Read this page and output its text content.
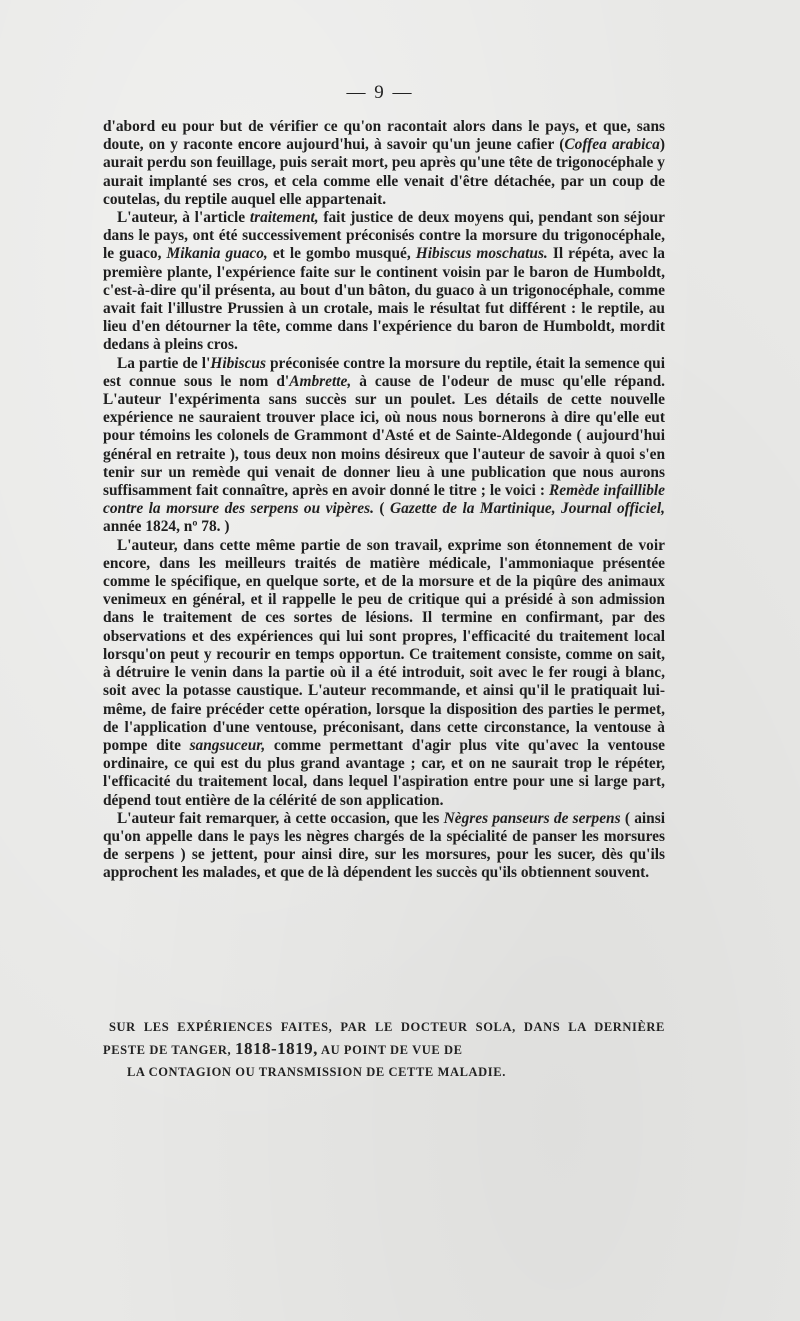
— 9 —

d'abord eu pour but de vérifier ce qu'on racontait alors dans le pays, et que, sans doute, on y raconte encore aujourd'hui, à savoir qu'un jeune cafier (Coffea arabica) aurait perdu son feuillage, puis serait mort, peu après qu'une tête de trigonocéphale y aurait implanté ses cros, et cela comme elle venait d'être détachée, par un coup de coutelas, du reptile auquel elle appartenait.

L'auteur, à l'article traitement, fait justice de deux moyens qui, pendant son séjour dans le pays, ont été successivement préconisés contre la morsure du trigonocéphale, le guaco, Mikania guaco, et le gombo musqué, Hibiscus moschatus. Il répéta, avec la première plante, l'expérience faite sur le continent voisin par le baron de Humboldt, c'est-à-dire qu'il présenta, au bout d'un bâton, du guaco à un trigonocéphale, comme avait fait l'illustre Prussien à un crotale, mais le résultat fut différent : le reptile, au lieu d'en détourner la tête, comme dans l'expérience du baron de Humboldt, mordit dedans à pleins cros.

La partie de l'Hibiscus préconisée contre la morsure du reptile, était la semence qui est connue sous le nom d'Ambrette, à cause de l'odeur de musc qu'elle répand. L'auteur l'expérimenta sans succès sur un poulet. Les détails de cette nouvelle expérience ne sauraient trouver place ici, où nous nous bornerons à dire qu'elle eut pour témoins les colonels de Grammont d'Asté et de Sainte-Aldegonde ( aujourd'hui général en retraite ), tous deux non moins désireux que l'auteur de savoir à quoi s'en tenir sur un remède qui venait de donner lieu à une publication que nous aurons suffisamment fait connaître, après en avoir donné le titre ; le voici : Remède infaillible contre la morsure des serpens ou vipères. ( Gazette de la Martinique, Journal officiel, année 1824, nº 78. )

L'auteur, dans cette même partie de son travail, exprime son étonnement de voir encore, dans les meilleurs traités de matière médicale, l'ammoniaque présentée comme le spécifique, en quelque sorte, et de la morsure et de la piqûre des animaux venimeux en général, et il rappelle le peu de critique qui a présidé à son admission dans le traitement de ces sortes de lésions. Il termine en confirmant, par des observations et des expériences qui lui sont propres, l'efficacité du traitement local lorsqu'on peut y recourir en temps opportun. Ce traitement consiste, comme on sait, à détruire le venin dans la partie où il a été introduit, soit avec le fer rougi à blanc, soit avec la potasse caustique. L'auteur recommande, et ainsi qu'il le pratiquait lui-même, de faire précéder cette opération, lorsque la disposition des parties le permet, de l'application d'une ventouse, préconisant, dans cette circonstance, la ventouse à pompe dite sangsuceur, comme permettant d'agir plus vite qu'avec la ventouse ordinaire, ce qui est du plus grand avantage ; car, et on ne saurait trop le répéter, l'efficacité du traitement local, dans lequel l'aspiration entre pour une si large part, dépend tout entière de la célérité de son application.

L'auteur fait remarquer, à cette occasion, que les Nègres panseurs de serpens ( ainsi qu'on appelle dans le pays les nègres chargés de la spécialité de panser les morsures de serpens ) se jettent, pour ainsi dire, sur les morsures, pour les sucer, dès qu'ils approchent les malades, et que de là dépendent les succès qu'ils obtiennent souvent.

SUR LES EXPÉRIENCES FAITES, PAR LE DOCTEUR SOLA, DANS LA DERNIÈRE PESTE DE TANGER, 1818-1819, AU POINT DE VUE DE
LA CONTAGION OU TRANSMISSION DE CETTE MALADIE.
